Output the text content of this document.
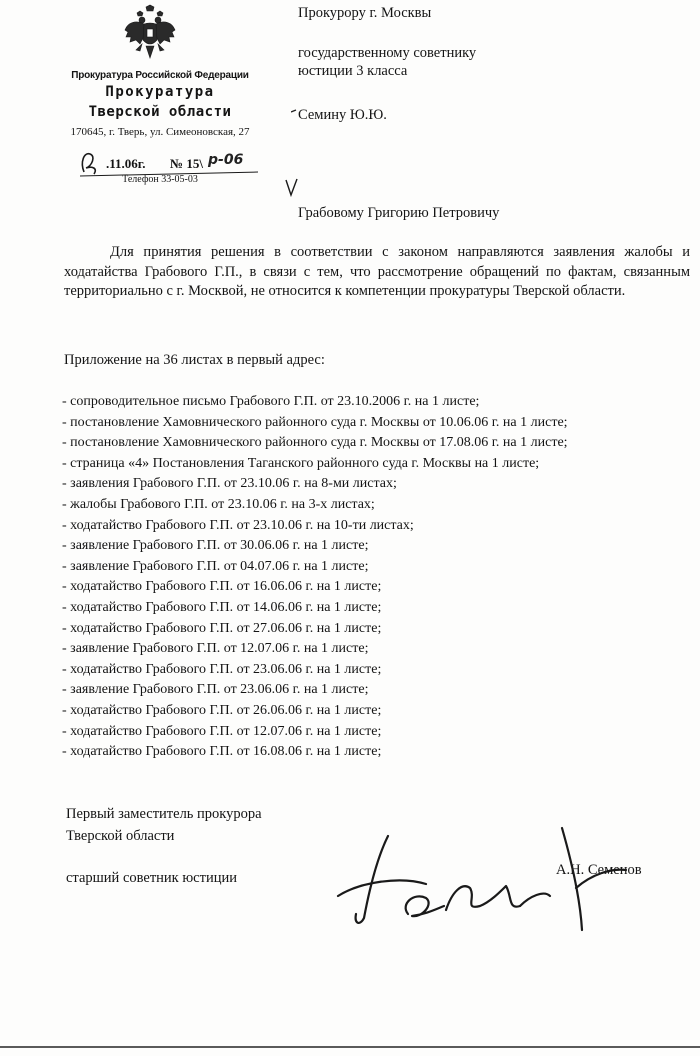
Прокуратура Российской Федерации
Прокуратура
Тверской области
170645, г. Тверь, ул. Симеоновская, 27
.11.06г. № 15\ р-06
Телефон 33-05-03
Прокурору г. Москвы
государственному советнику
юстиции 3 класса
Семину Ю.Ю.
Грабовому Григорию Петровичу
Для принятия решения в соответствии с законом направляются заявления жалобы и ходатайства Грабового Г.П., в связи с тем, что рассмотрение обращений по фактам, связанным территориально с г. Москвой, не относится к компетенции прокуратуры Тверской области.
Приложение на 36 листах в первый адрес:
- сопроводительное письмо Грабового Г.П. от 23.10.2006 г. на 1 листе;
- постановление Хамовнического районного суда г. Москвы от 10.06.06 г. на 1 листе;
- постановление Хамовнического районного суда г. Москвы от 17.08.06 г. на 1 листе;
- страница «4» Постановления Таганского районного суда г. Москвы на 1 листе;
- заявления Грабового Г.П. от 23.10.06 г. на 8-ми листах;
- жалобы Грабового Г.П. от 23.10.06 г. на 3-х листах;
- ходатайство Грабового Г.П. от 23.10.06 г. на 10-ти листах;
- заявление Грабового Г.П. от 30.06.06 г. на 1 листе;
- заявление Грабового Г.П. от 04.07.06 г. на 1 листе;
- ходатайство Грабового Г.П. от 16.06.06 г. на 1 листе;
- ходатайство Грабового Г.П. от 14.06.06 г. на 1 листе;
- ходатайство Грабового Г.П. от 27.06.06 г. на 1 листе;
- заявление Грабового Г.П. от 12.07.06 г. на 1 листе;
- ходатайство Грабового Г.П. от 23.06.06 г. на 1 листе;
- заявление Грабового Г.П. от 23.06.06 г. на 1 листе;
- ходатайство Грабового Г.П. от 26.06.06 г. на 1 листе;
- ходатайство Грабового Г.П. от 12.07.06 г. на 1 листе;
- ходатайство Грабового Г.П. от 16.08.06 г. на 1 листе;
Первый заместитель прокурора
Тверской области
старший советник юстиции	А.Н. Семенов
